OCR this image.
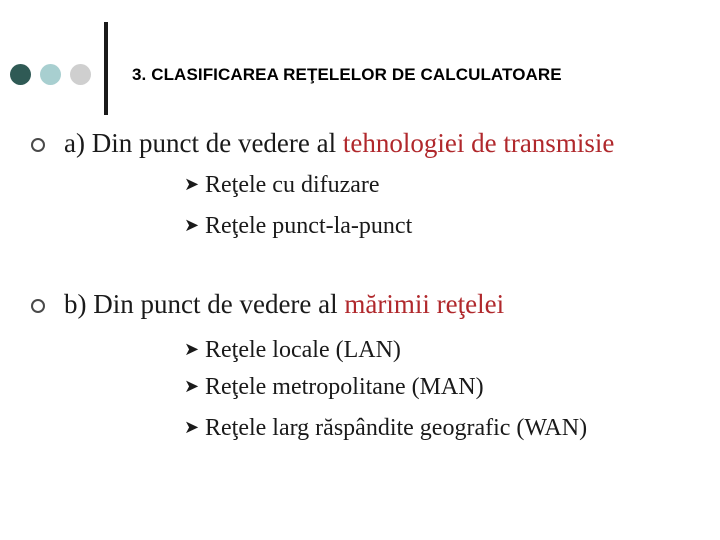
3. CLASIFICAREA REŢELELOR DE CALCULATOARE
a) Din punct de vedere al tehnologiei de transmisie
➤ Reţele cu difuzare
➤ Reţele punct-la-punct
b) Din punct de vedere al mărimii reţelei
➤ Reţele locale (LAN)
➤ Reţele metropolitane (MAN)
➤ Reţele larg răspândite geografic (WAN)
